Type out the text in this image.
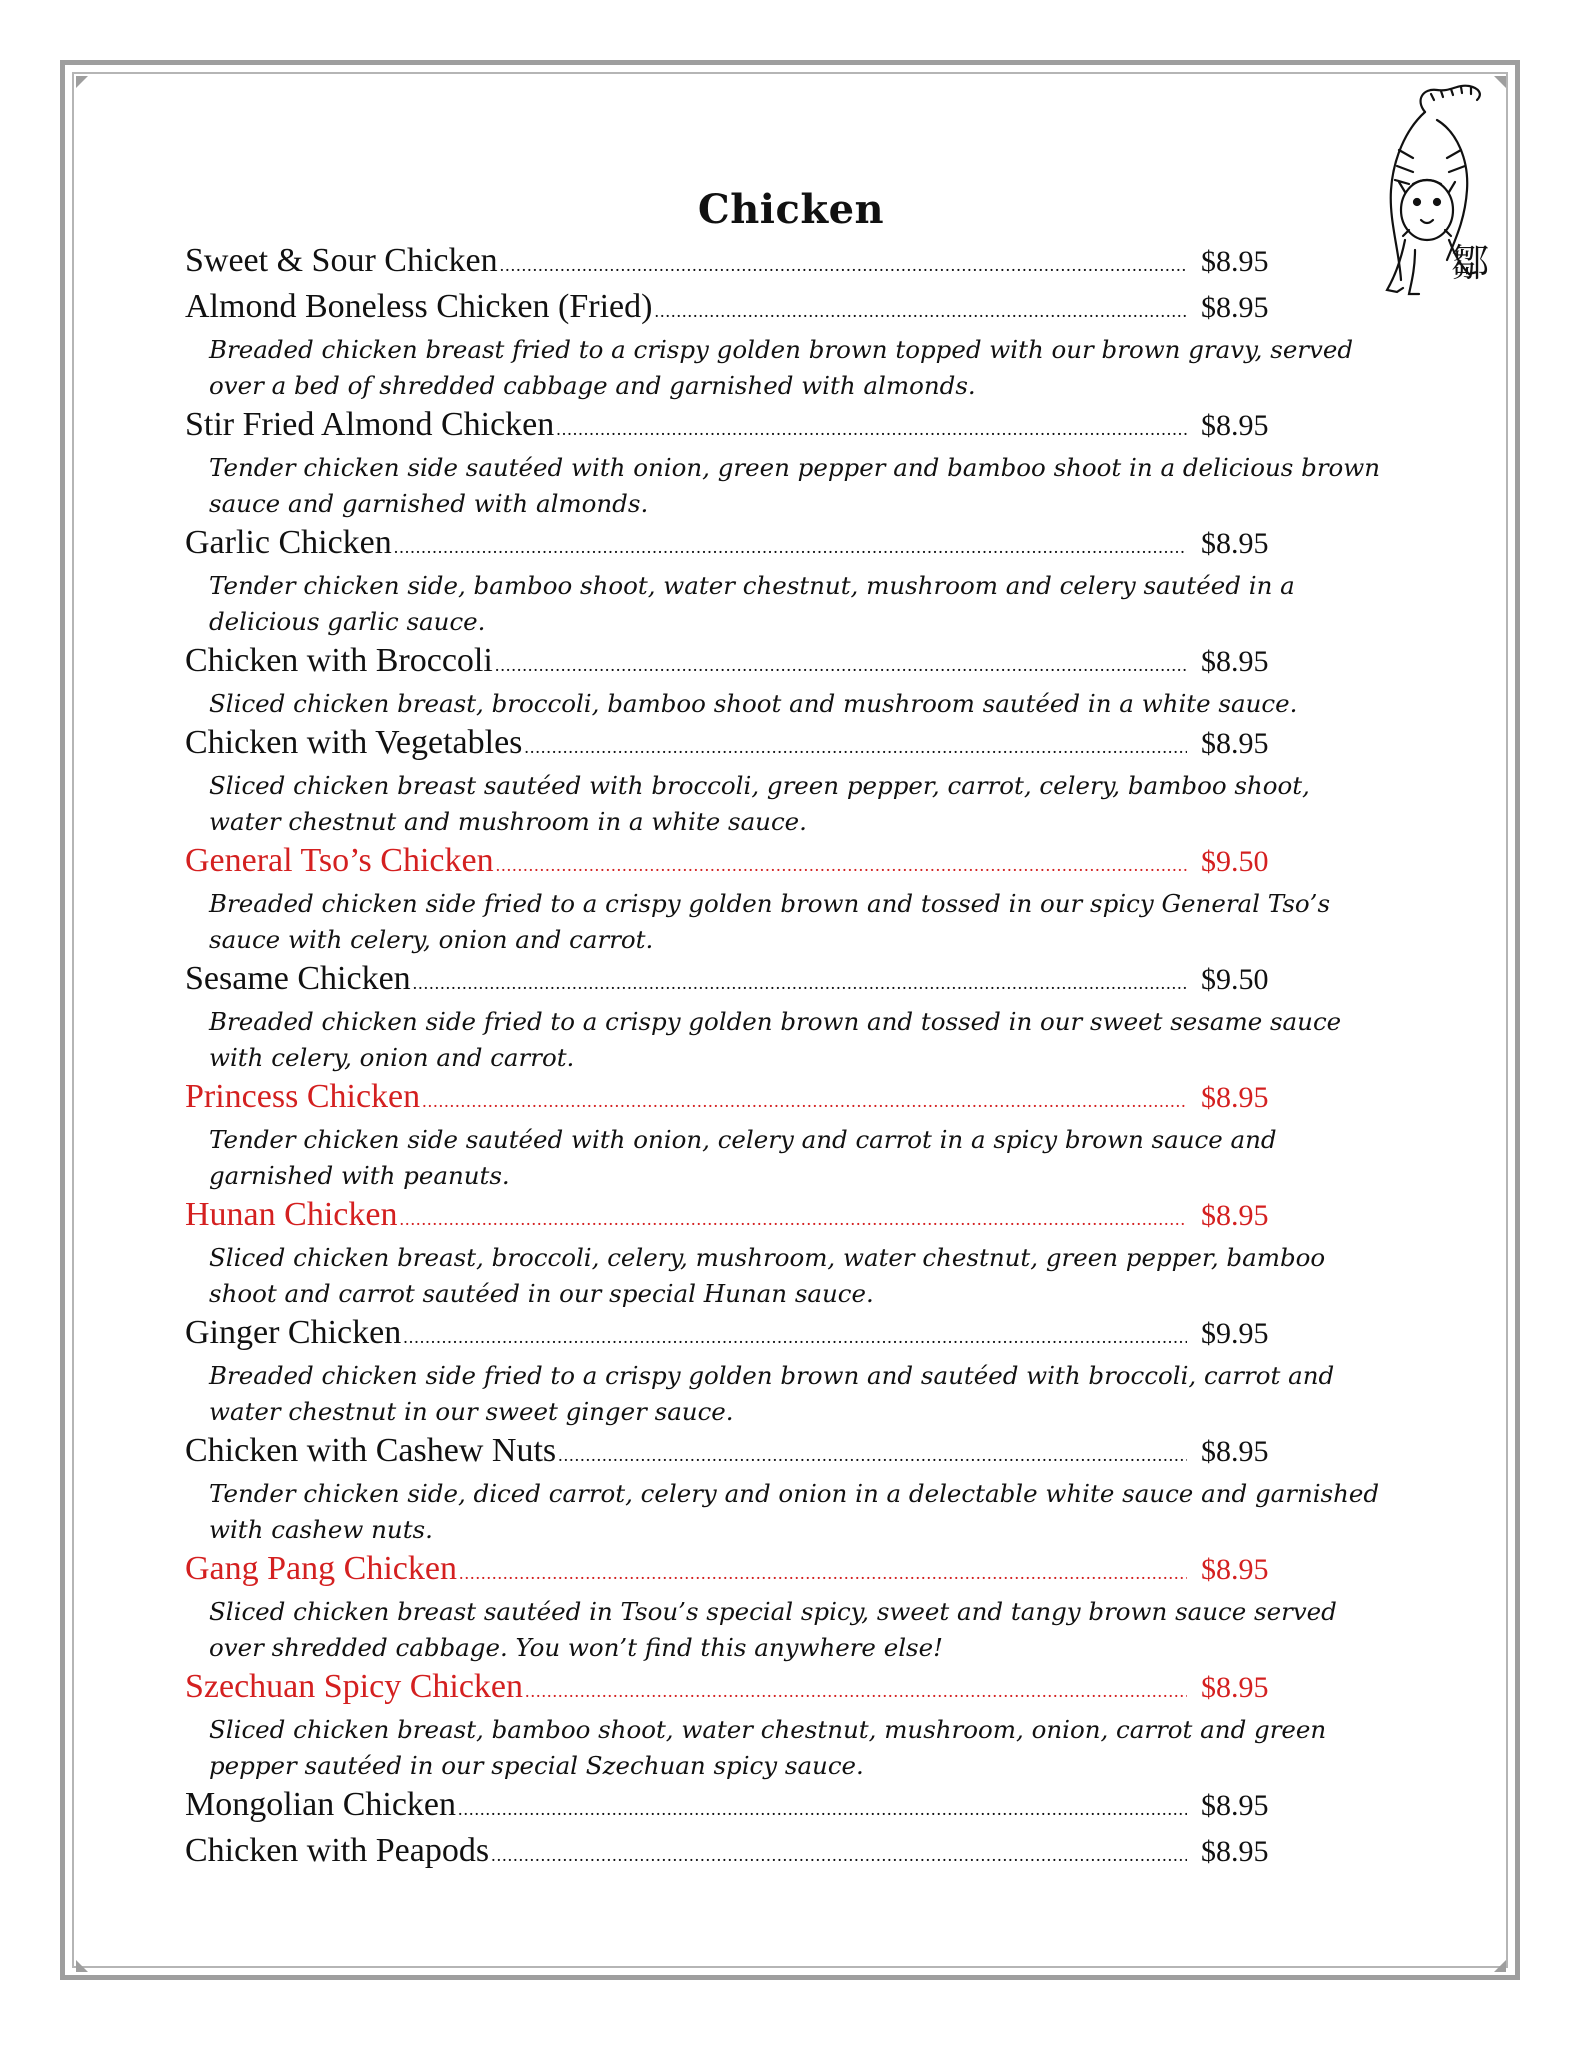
鄒
Chicken
Sweet & Sour Chicken .....	$8.95
Almond Boneless Chicken (Fried) .....	$8.95
Breaded chicken breast fried to a crispy golden brown topped with our brown gravy, served over a bed of shredded cabbage and garnished with almonds.
Stir Fried Almond Chicken .....	$8.95
Tender chicken side sautéed with onion, green pepper and bamboo shoot in a delicious brown sauce and garnished with almonds.
Garlic Chicken .....	$8.95
Tender chicken side, bamboo shoot, water chestnut, mushroom and celery sautéed in a delicious garlic sauce.
Chicken with Broccoli .....	$8.95
Sliced chicken breast, broccoli, bamboo shoot and mushroom sautéed in a white sauce.
Chicken with Vegetables .....	$8.95
Sliced chicken breast sautéed with broccoli, green pepper, carrot, celery, bamboo shoot, water chestnut and mushroom in a white sauce.
General Tso’s Chicken .....	$9.50
Breaded chicken side fried to a crispy golden brown and tossed in our spicy General Tso’s sauce with celery, onion and carrot.
Sesame Chicken .....	$9.50
Breaded chicken side fried to a crispy golden brown and tossed in our sweet sesame sauce with celery, onion and carrot.
Princess Chicken .....	$8.95
Tender chicken side sautéed with onion, celery and carrot in a spicy brown sauce and garnished with peanuts.
Hunan Chicken .....	$8.95
Sliced chicken breast, broccoli, celery, mushroom, water chestnut, green pepper, bamboo shoot and carrot sautéed in our special Hunan sauce.
Ginger Chicken .....	$9.95
Breaded chicken side fried to a crispy golden brown and sautéed with broccoli, carrot and water chestnut in our sweet ginger sauce.
Chicken with Cashew Nuts .....	$8.95
Tender chicken side, diced carrot, celery and onion in a delectable white sauce and garnished with cashew nuts.
Gang Pang Chicken .....	$8.95
Sliced chicken breast sautéed in Tsou’s special spicy, sweet and tangy brown sauce served over shredded cabbage. You won’t find this anywhere else!
Szechuan Spicy Chicken .....	$8.95
Sliced chicken breast, bamboo shoot, water chestnut, mushroom, onion, carrot and green pepper sautéed in our special Szechuan spicy sauce.
Mongolian Chicken .....	$8.95
Chicken with Peapods .....	$8.95
